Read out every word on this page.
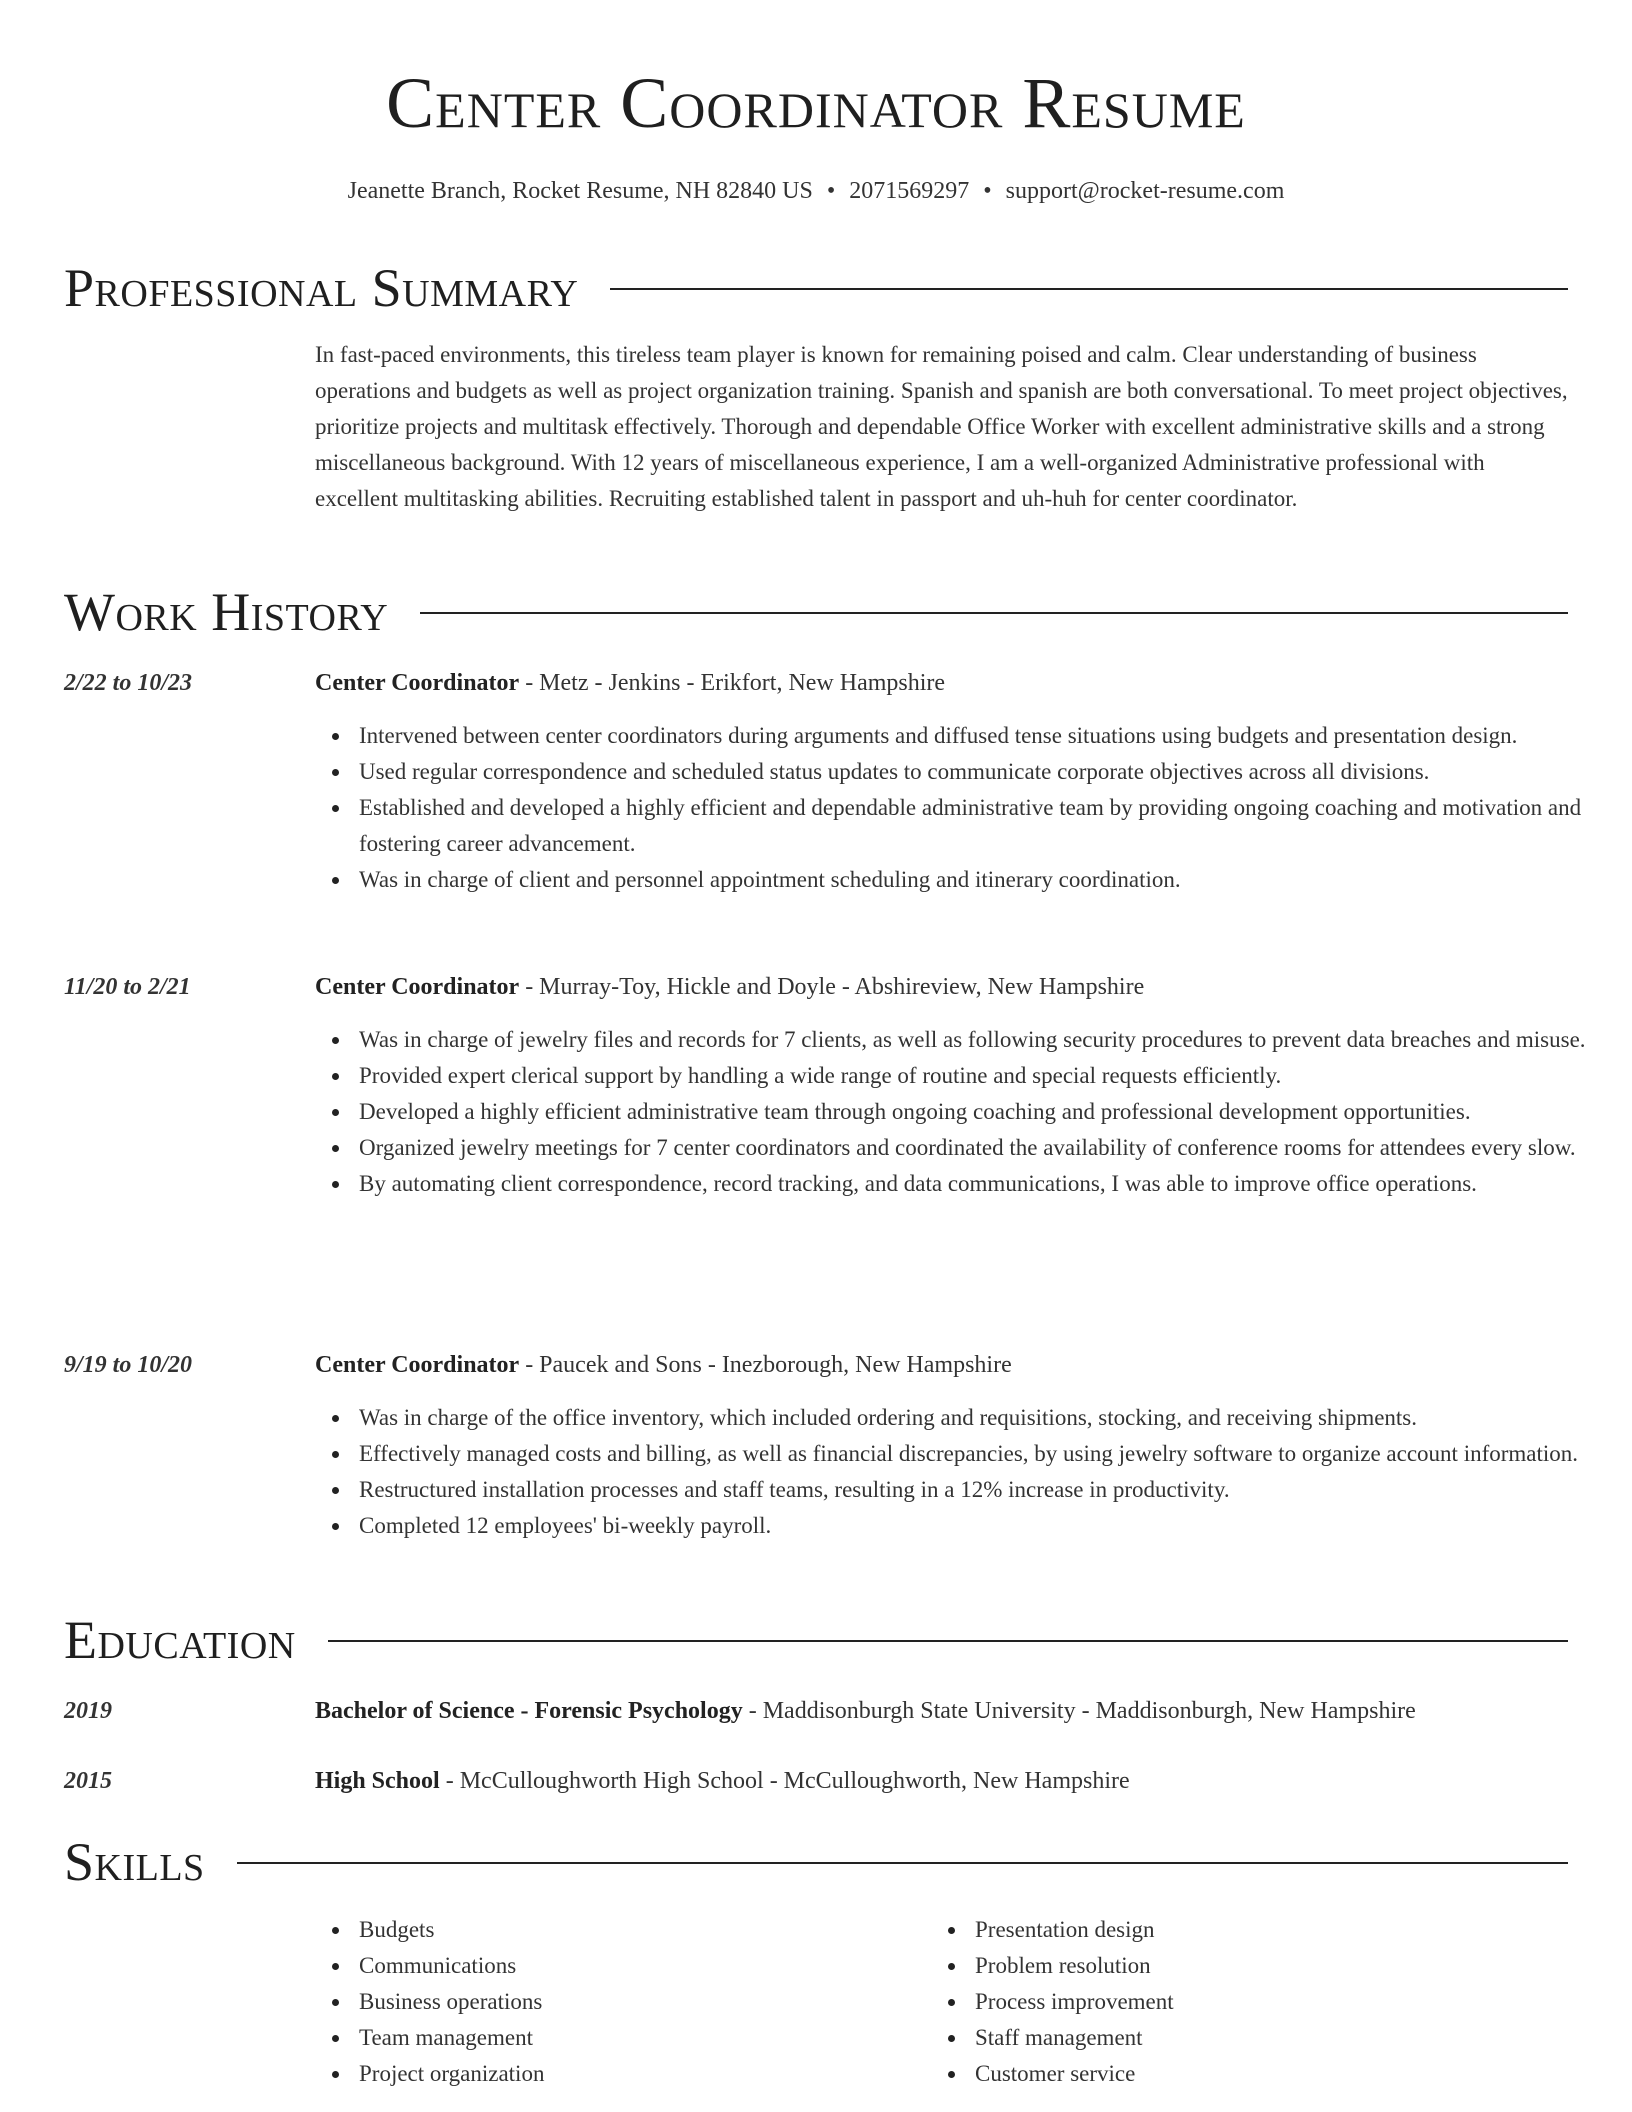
Center Coordinator Resume
Jeanette Branch, Rocket Resume, NH 82840 US • 2071569297 • support@rocket-resume.com
Professional Summary

In fast-paced environments, this tireless team player is known for remaining poised and calm. Clear understanding of business operations and budgets as well as project organization training. Spanish and spanish are both conversational. To meet project objectives, prioritize projects and multitask effectively. Thorough and dependable Office Worker with excellent administrative skills and a strong miscellaneous background. With 12 years of miscellaneous experience, I am a well-organized Administrative professional with excellent multitasking abilities. Recruiting established talent in passport and uh-huh for center coordinator.

Work History
2/22 to 10/23	Center Coordinator - Metz - Jenkins - Erikfort, New Hampshire
Intervened between center coordinators during arguments and diffused tense situations using budgets and presentation design.
Used regular correspondence and scheduled status updates to communicate corporate objectives across all divisions.
Established and developed a highly efficient and dependable administrative team by providing ongoing coaching and motivation and fostering career advancement.
Was in charge of client and personnel appointment scheduling and itinerary coordination.
11/20 to 2/21	Center Coordinator - Murray-Toy, Hickle and Doyle - Abshireview, New Hampshire
Was in charge of jewelry files and records for 7 clients, as well as following security procedures to prevent data breaches and misuse.
Provided expert clerical support by handling a wide range of routine and special requests efficiently.
Developed a highly efficient administrative team through ongoing coaching and professional development opportunities.
Organized jewelry meetings for 7 center coordinators and coordinated the availability of conference rooms for attendees every slow.
By automating client correspondence, record tracking, and data communications, I was able to improve office operations.
9/19 to 10/20	Center Coordinator - Paucek and Sons - Inezborough, New Hampshire
Was in charge of the office inventory, which included ordering and requisitions, stocking, and receiving shipments.
Effectively managed costs and billing, as well as financial discrepancies, by using jewelry software to organize account information.
Restructured installation processes and staff teams, resulting in a 12% increase in productivity.
Completed 12 employees' bi-weekly payroll.
Education
2019	Bachelor of Science - Forensic Psychology - Maddisonburgh State University - Maddisonburgh, New Hampshire
2015	High School - McCulloughworth High School - McCulloughworth, New Hampshire
Skills
Budgets
Communications
Business operations
Team management
Project organization
Presentation design
Problem resolution
Process improvement
Staff management
Customer service
